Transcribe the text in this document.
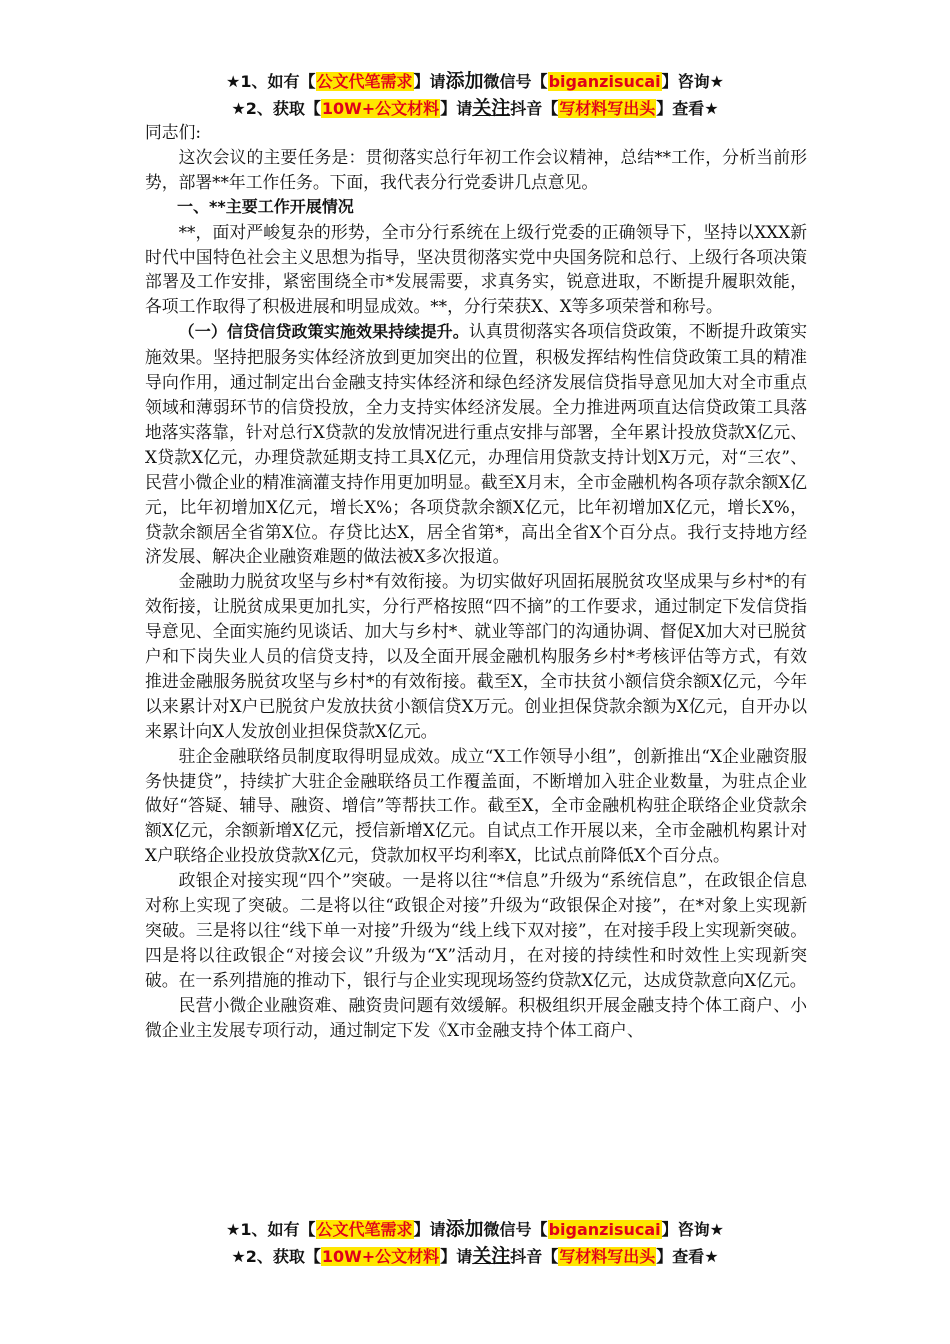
★1、如有【公文代笔需求】请添加微信号【biganzisucai】咨询★
★2、获取【10W+公文材料】请关注抖音【写材料写出头】查看★

同志们:

这次会议的主要任务是：贯彻落实总行年初工作会议精神，总结**工作，分析当前形势，部署**年工作任务。下面，我代表分行党委讲几点意见。

一、**主要工作开展情况

**，面对严峻复杂的形势，全市分行系统在上级行党委的正确领导下，坚持以XXX新时代中国特色社会主义思想为指导，坚决贯彻落实党中央国务院和总行、上级行各项决策部署及工作安排，紧密围绕全市*发展需要，求真务实，锐意进取，不断提升履职效能，各项工作取得了积极进展和明显成效。**，分行荣获X、X等多项荣誉和称号。

（一）信贷信贷政策实施效果持续提升。认真贯彻落实各项信贷政策，不断提升政策实施效果。坚持把服务实体经济放到更加突出的位置，积极发挥结构性信贷政策工具的精准导向作用，通过制定出台金融支持实体经济和绿色经济发展信贷指导意见加大对全市重点领域和薄弱环节的信贷投放，全力支持实体经济发展。全力推进两项直达信贷政策工具落地落实落靠，针对总行X贷款的发放情况进行重点安排与部署，全年累计投放贷款X亿元、X贷款X亿元，办理贷款延期支持工具X亿元，办理信用贷款支持计划X万元，对“三农”、民营小微企业的精准滴灌支持作用更加明显。截至X月末，全市金融机构各项存款余额X亿元，比年初增加X亿元，增长X%；各项贷款余额X亿元，比年初增加X亿元，增长X%，贷款余额居全省第X位。存贷比达X，居全省第*，高出全省X个百分点。我行支持地方经济发展、解决企业融资难题的做法被X多次报道。

金融助力脱贫攻坚与乡村*有效衔接。为切实做好巩固拓展脱贫攻坚成果与乡村*的有效衔接，让脱贫成果更加扎实，分行严格按照“四不摘”的工作要求，通过制定下发信贷指导意见、全面实施约见谈话、加大与乡村*、就业等部门的沟通协调、督促X加大对已脱贫户和下岗失业人员的信贷支持，以及全面开展金融机构服务乡村*考核评估等方式，有效推进金融服务脱贫攻坚与乡村*的有效衔接。截至X，全市扶贫小额信贷余额X亿元，今年以来累计对X户已脱贫户发放扶贫小额信贷X万元。创业担保贷款余额为X亿元，自开办以来累计向X人发放创业担保贷款X亿元。

驻企金融联络员制度取得明显成效。成立“X工作领导小组”，创新推出“X企业融资服务快捷贷”，持续扩大驻企金融联络员工作覆盖面，不断增加入驻企业数量，为驻点企业做好“答疑、辅导、融资、增信”等帮扶工作。截至X，全市金融机构驻企联络企业贷款余额X亿元，余额新增X亿元，授信新增X亿元。自试点工作开展以来，全市金融机构累计对X户联络企业投放贷款X亿元，贷款加权平均利率X，比试点前降低X个百分点。

政银企对接实现“四个”突破。一是将以往“*信息”升级为“系统信息”，在政银企信息对称上实现了突破。二是将以往“政银企对接”升级为“政银保企对接”，在*对象上实现新突破。三是将以往“线下单一对接”升级为“线上线下双对接”，在对接手段上实现新突破。四是将以往政银企“对接会议”升级为“X”活动月，在对接的持续性和时效性上实现新突破。在一系列措施的推动下，银行与企业实现现场签约贷款X亿元，达成贷款意向X亿元。

民营小微企业融资难、融资贵问题有效缓解。积极组织开展金融支持个体工商户、小微企业主发展专项行动，通过制定下发《X市金融支持个体工商户、

★1、如有【公文代笔需求】请添加微信号【biganzisucai】咨询★
★2、获取【10W+公文材料】请关注抖音【写材料写出头】查看★
